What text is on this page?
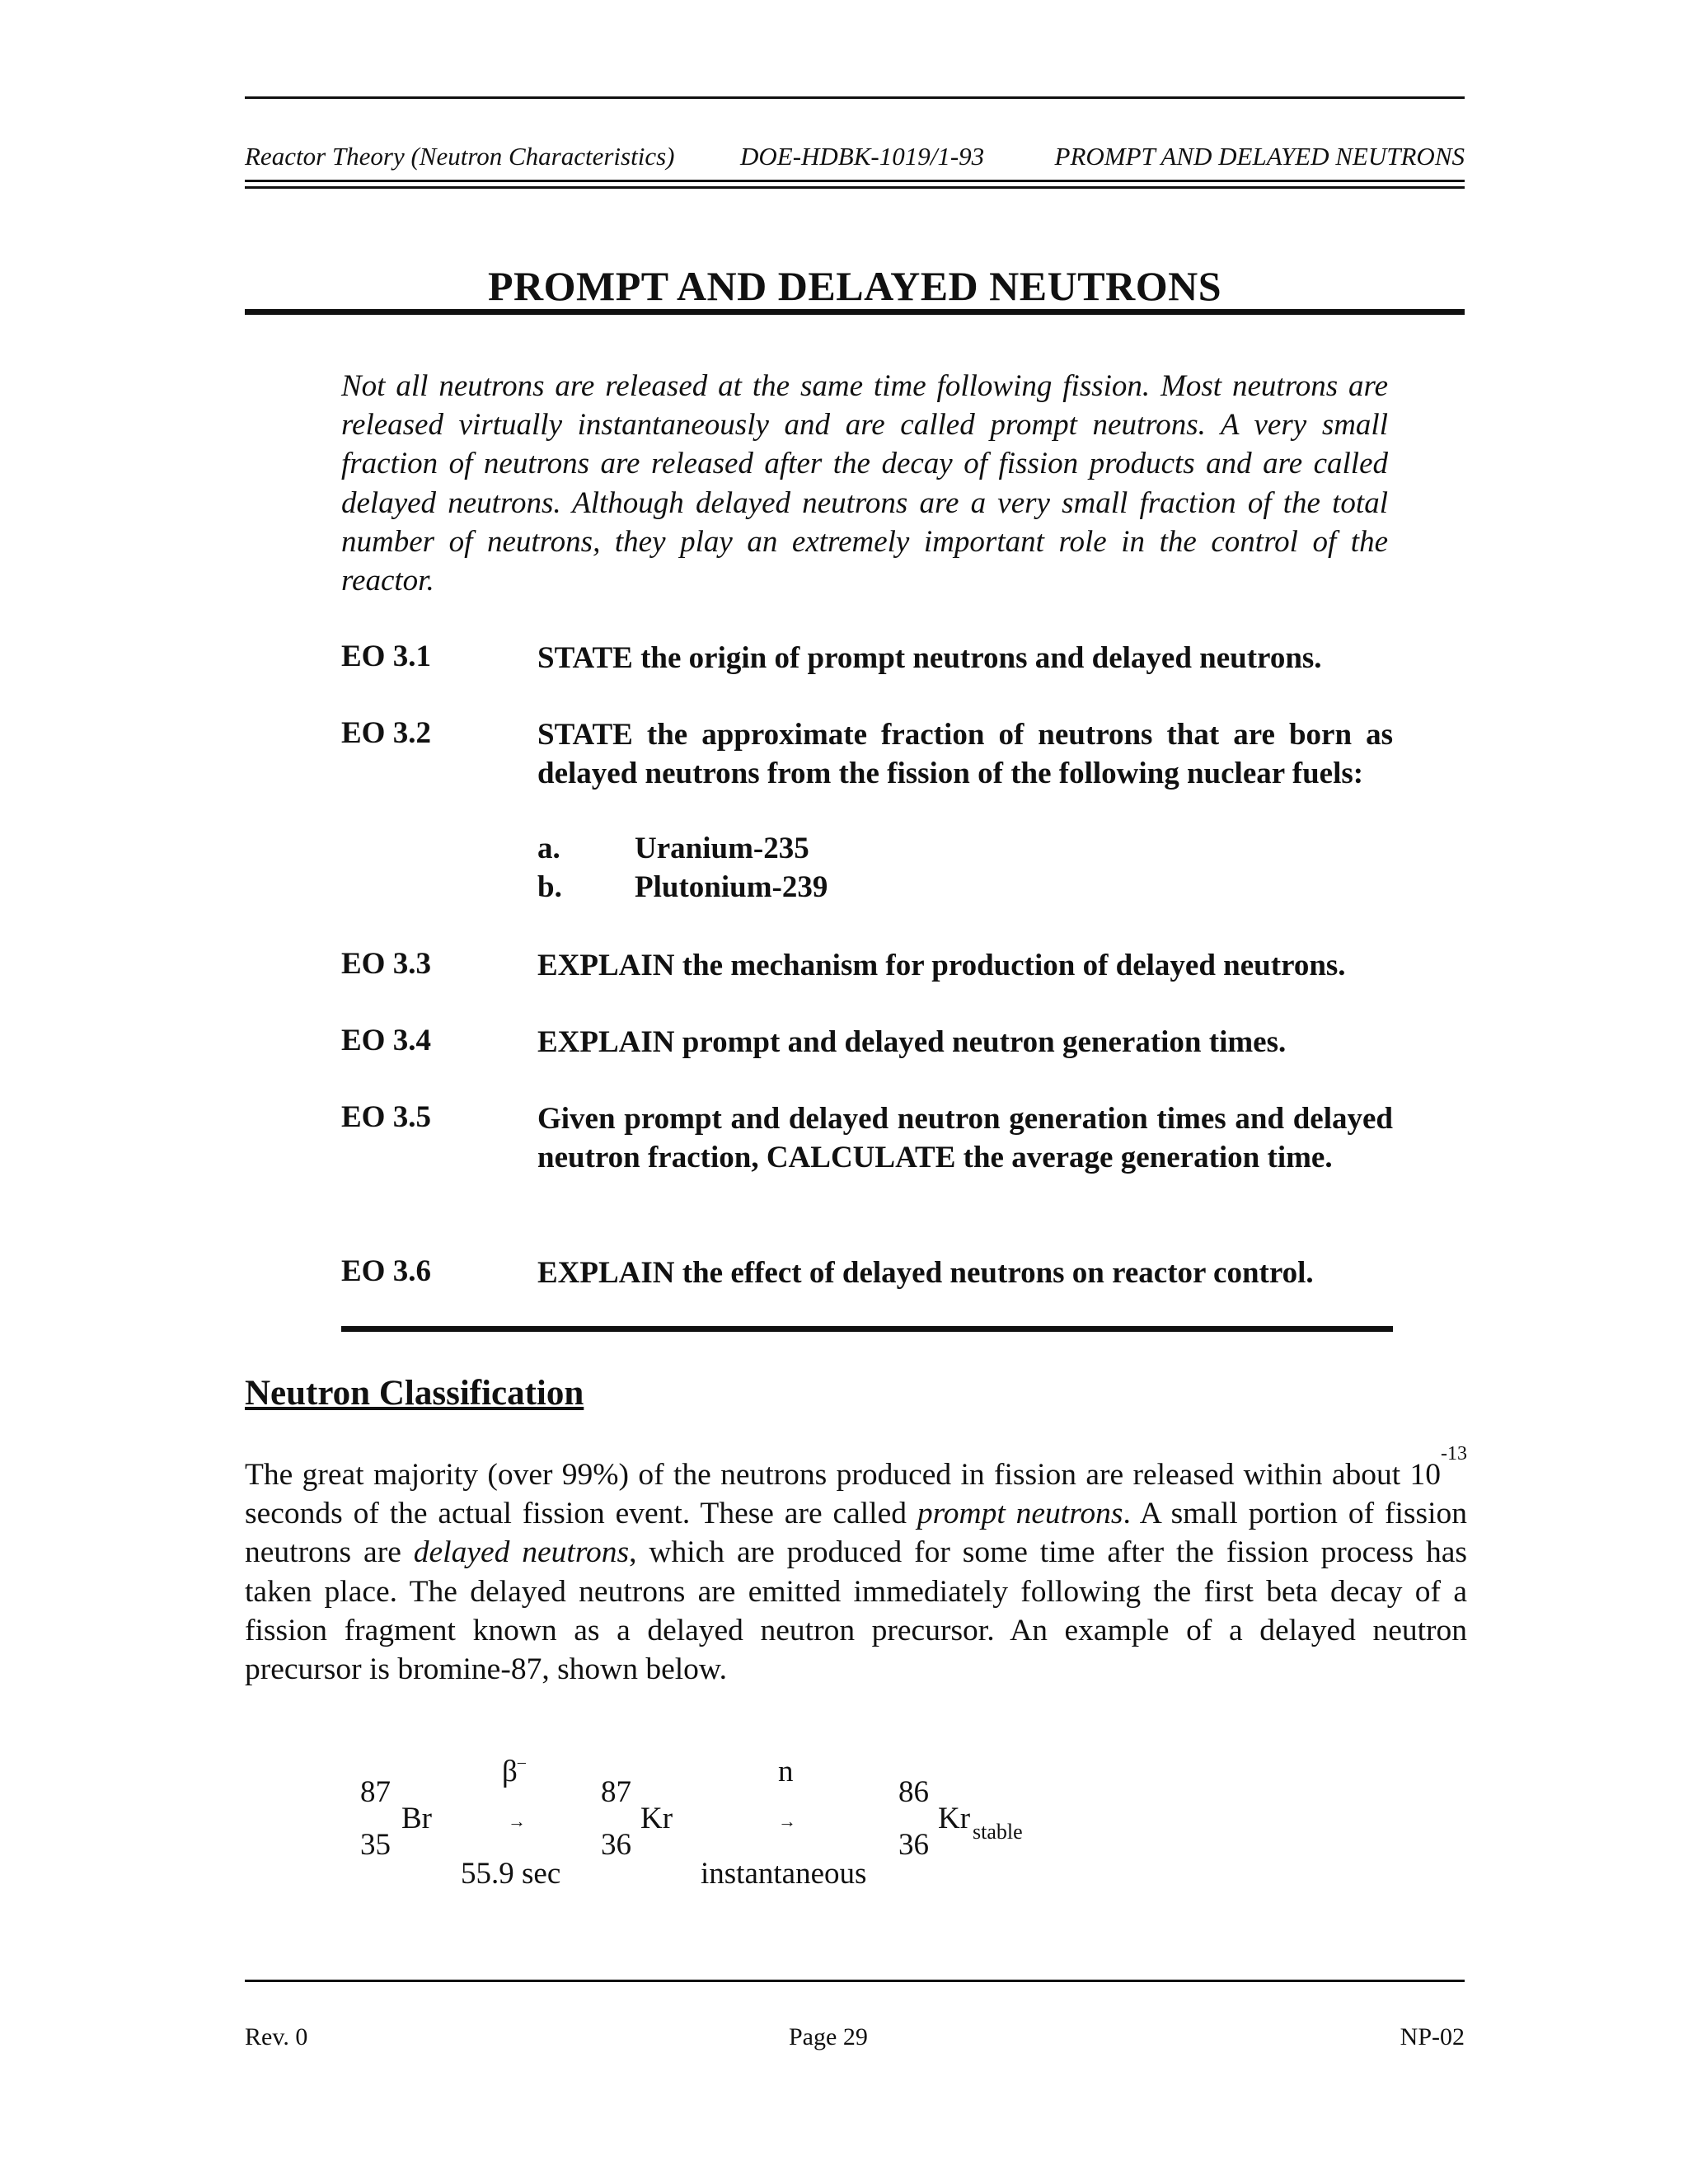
Reactor Theory (Neutron Characteristics)	DOE-HDBK-1019/1-93	PROMPT AND DELAYED NEUTRONS
PROMPT AND DELAYED NEUTRONS
Not all neutrons are released at the same time following fission. Most neutrons are released virtually instantaneously and are called prompt neutrons. A very small fraction of neutrons are released after the decay of fission products and are called delayed neutrons. Although delayed neutrons are a very small fraction of the total number of neutrons, they play an extremely important role in the control of the reactor.
EO 3.1	STATE the origin of prompt neutrons and delayed neutrons.
EO 3.2	STATE the approximate fraction of neutrons that are born as delayed neutrons from the fission of the following nuclear fuels:
a. Uranium-235
b. Plutonium-239
EO 3.3	EXPLAIN the mechanism for production of delayed neutrons.
EO 3.4	EXPLAIN prompt and delayed neutron generation times.
EO 3.5	Given prompt and delayed neutron generation times and delayed neutron fraction, CALCULATE the average generation time.
EO 3.6	EXPLAIN the effect of delayed neutrons on reactor control.
Neutron Classification
The great majority (over 99%) of the neutrons produced in fission are released within about $10^{-13}$ seconds of the actual fission event. These are called prompt neutrons. A small portion of fission neutrons are delayed neutrons, which are produced for some time after the fission process has taken place. The delayed neutrons are emitted immediately following the first beta decay of a fission fragment known as a delayed neutron precursor. An example of a delayed neutron precursor is bromine-87, shown below.
87
35
Br
β–
→
55.9 sec
87
36
Kr
n
→
instantaneous
86
36
Kr stable
Rev. 0	Page 29	NP-02
